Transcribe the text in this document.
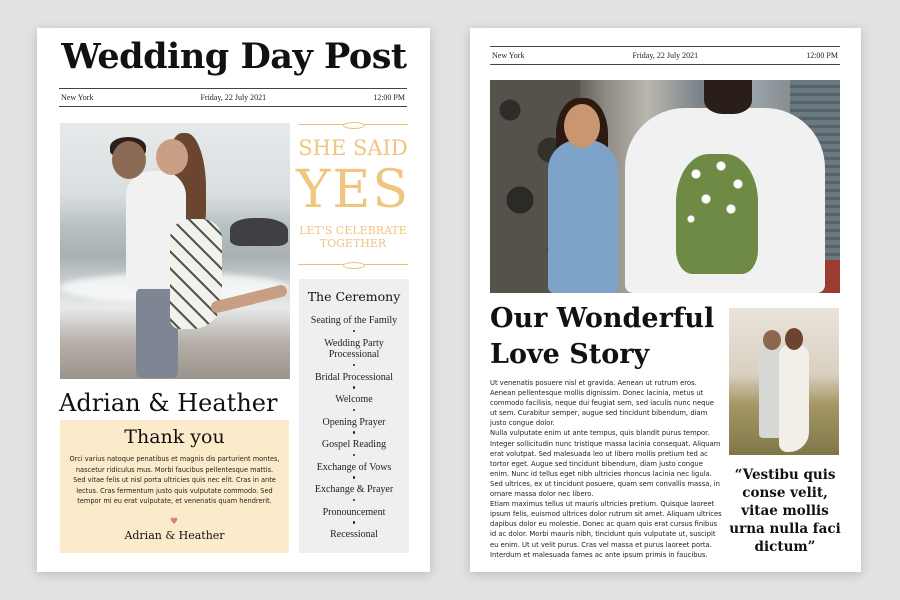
Wedding Day Post
New York	Friday, 22 July 2021	12:00 PM
SHE SAID
YES
LET'S CELEBRATE TOGETHER
The Ceremony
Seating of the Family
Wedding Party Processional
Bridal Processional
Welcome
Opening Prayer
Gospel Reading
Exchange of Vows
Exchange & Prayer
Pronouncement
Recessional
Adrian & Heather
Thank you
Orci varius natoque penatibus et magnis dis parturient montes, nascetur ridiculus mus. Morbi faucibus pellentesque mattis. Sed vitae felis ut nisl porta ultricies quis nec elit. Cras in ante lectus. Cras fermentum justo quis vulputate commodo. Sed tempor mi eu erat vulputate, et venenatis quam hendrerit.
♥
Adrian & Heather
New York	Friday, 22 July 2021	12:00 PM
Our Wonderful
Love Story

Ut venenatis posuere nisl et gravida. Aenean ut rutrum eros. Aenean pellentesque mollis dignissim. Donec lacinia, metus ut commodo facilisis, neque dui feugiat sem, sed iaculis nunc neque ut sem. Curabitur semper, augue sed tincidunt bibendum, diam justo congue dolor.

Nulla vulputate enim ut ante tempus, quis blandit purus tempor. Integer sollicitudin nunc tristique massa lacinia consequat. Aliquam erat volutpat. Sed malesuada leo ut libero mollis pretium ted ac tortor eget. Augue sed tincidunt bibendum, diam justo congue enim. Nunc id tellus eget nibh ultricies rhoncus lacinia nec ligula. Sed ultrices, ex ut tincidunt posuere, quam sem convallis massa, in ornare massa dolor nec libero.

Etiam maximus tellus ut mauris ultricies pretium. Quisque laoreet ipsum felis, euismod ultrices dolor rutrum sit amet. Aliquam ultrices dapibus dolor eu molestie. Donec ac quam quis erat cursus finibus id ac dolor. Morbi mauris nibh, tincidunt quis vulputate ut, suscipit eu enim. Ut ut velit purus. Cras vel massa et purus laoreet porta. Interdum et malesuada fames ac ante ipsum primis in faucibus.

“Vestibu quis conse velit, vitae mollis urna nulla faci dictum”
